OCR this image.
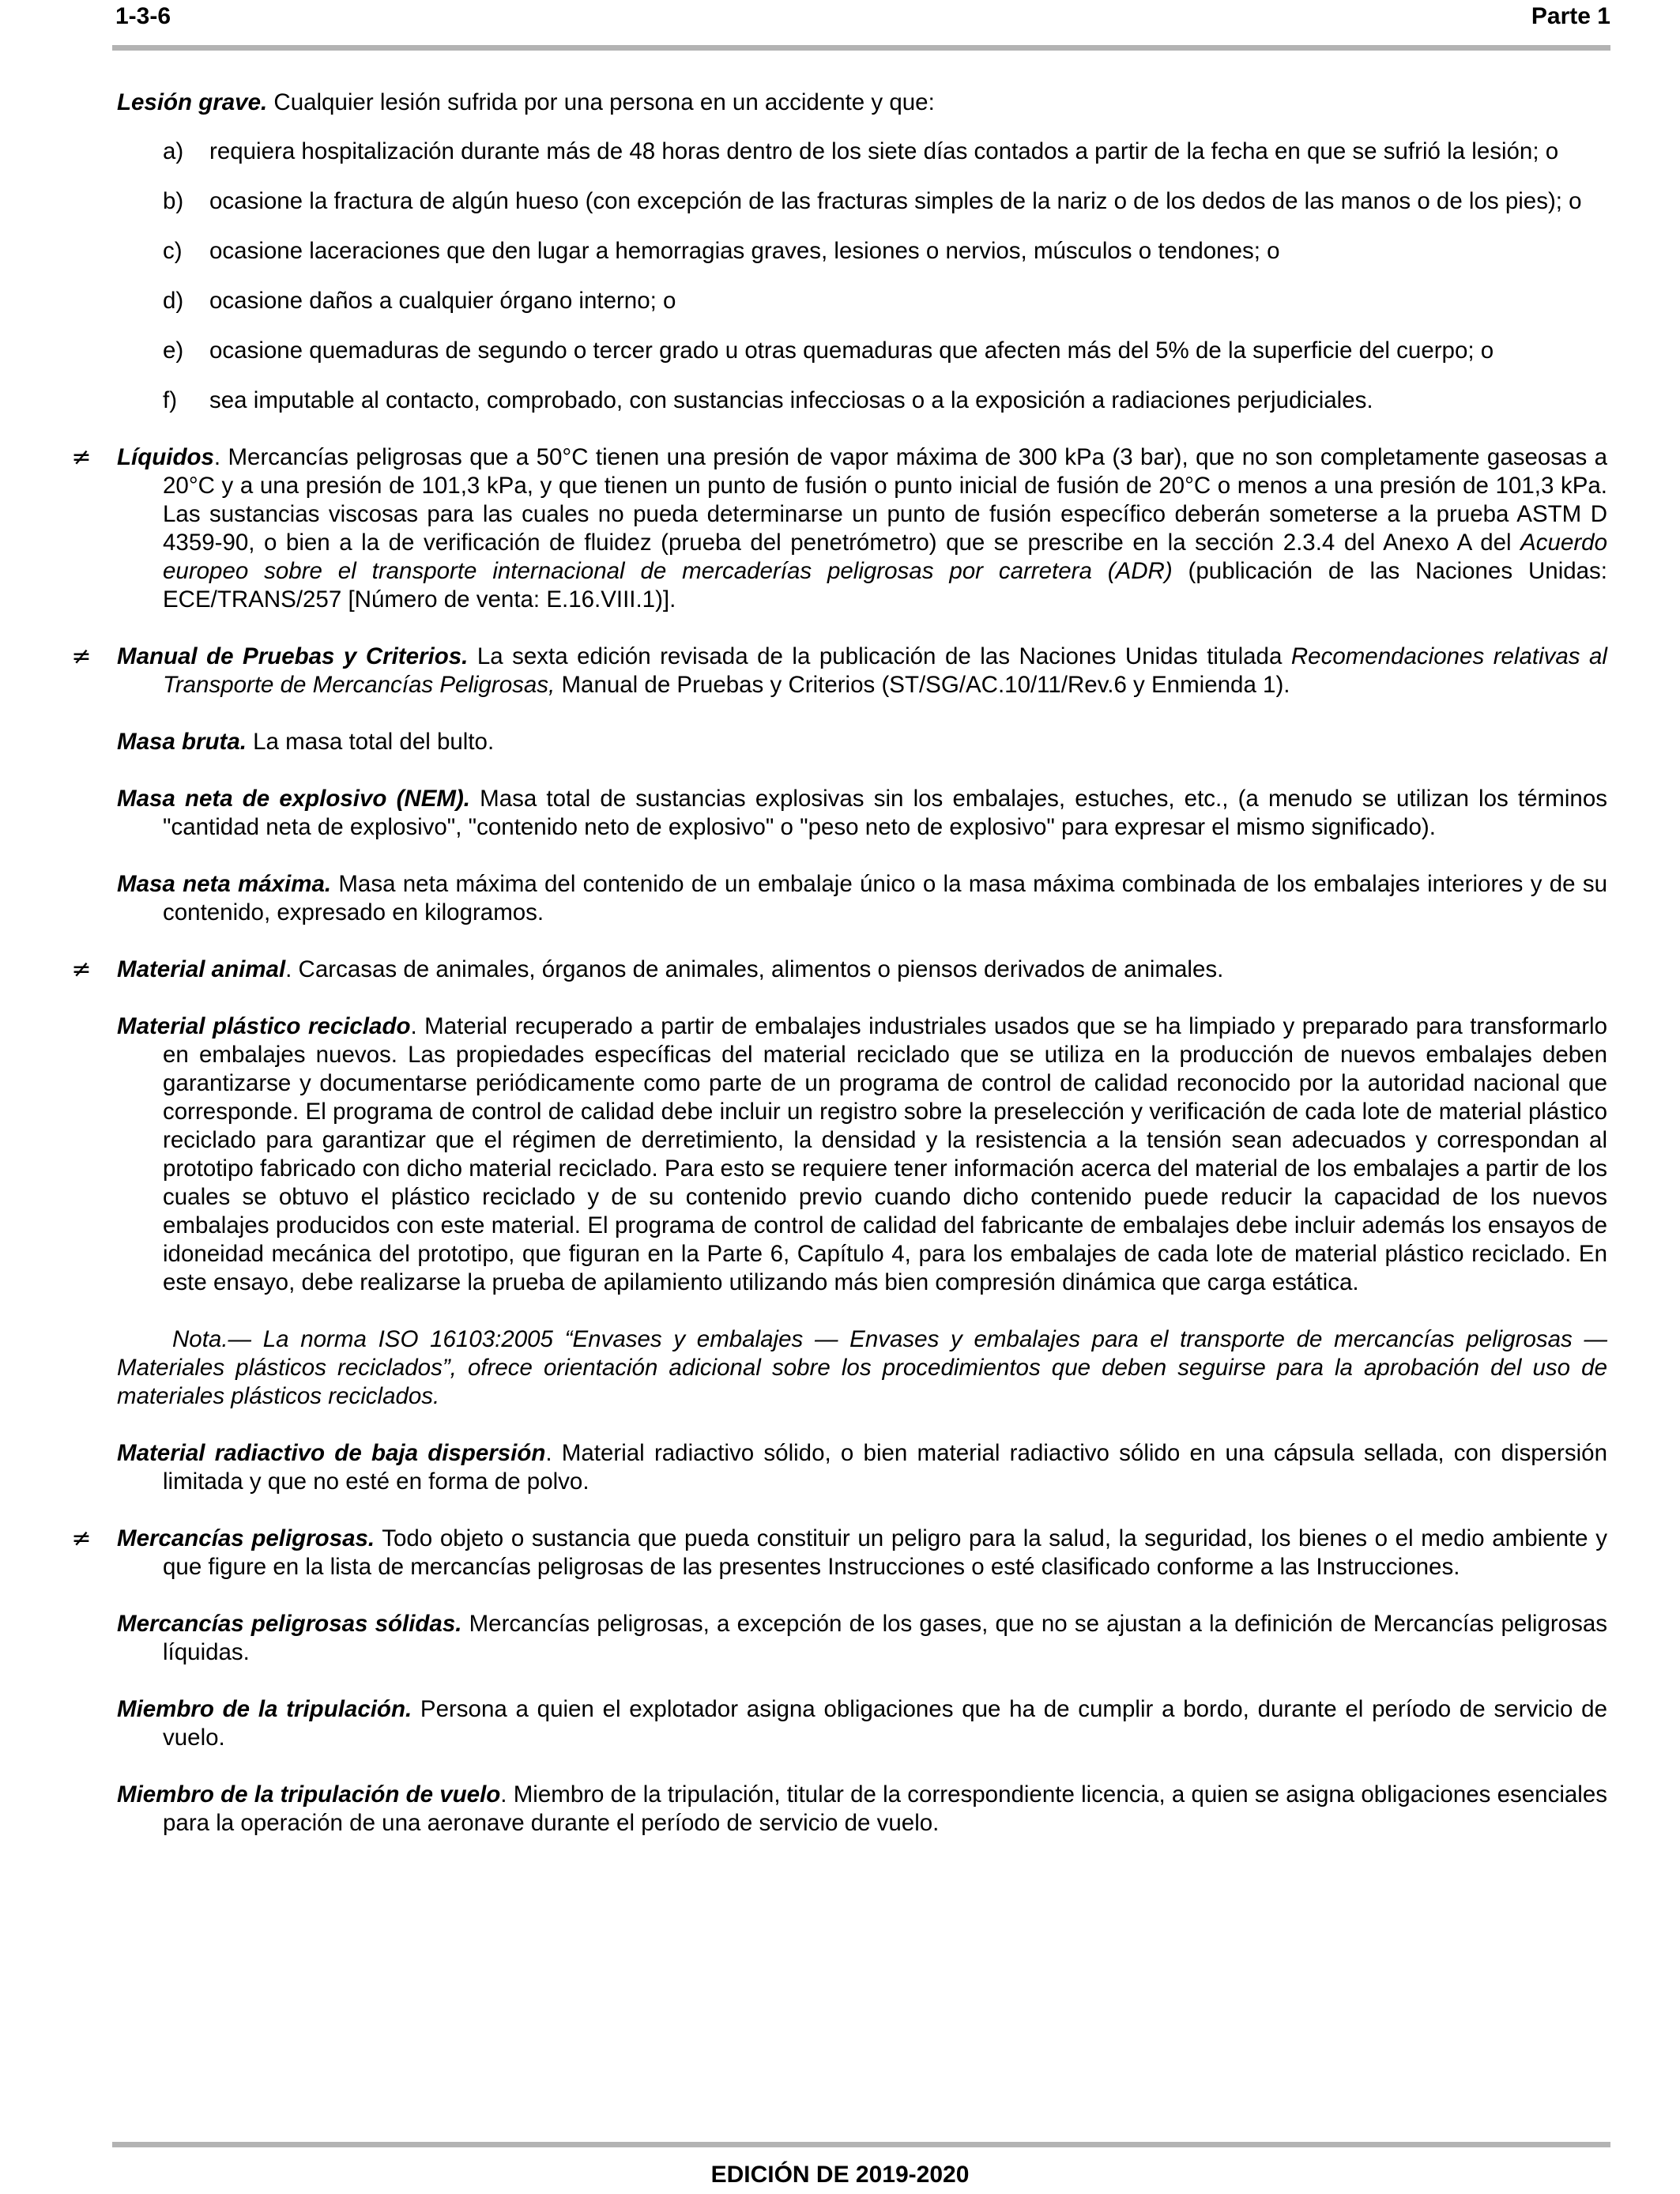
1-3-6	Parte 1

Lesión grave. Cualquier lesión sufrida por una persona en un accidente y que:

a) requiera hospitalización durante más de 48 horas dentro de los siete días contados a partir de la fecha en que se sufrió la lesión; o
b) ocasione la fractura de algún hueso (con excepción de las fracturas simples de la nariz o de los dedos de las manos o de los pies); o
c) ocasione laceraciones que den lugar a hemorragias graves, lesiones o nervios, músculos o tendones; o
d) ocasione daños a cualquier órgano interno; o
e) ocasione quemaduras de segundo o tercer grado u otras quemaduras que afecten más del 5% de la superficie del cuerpo; o
f) sea imputable al contacto, comprobado, con sustancias infecciosas o a la exposición a radiaciones perjudiciales.
≠ Líquidos. Mercancías peligrosas que a 50°C tienen una presión de vapor máxima de 300 kPa (3 bar), que no son completamente gaseosas a 20°C y a una presión de 101,3 kPa, y que tienen un punto de fusión o punto inicial de fusión de 20°C o menos a una presión de 101,3 kPa. Las sustancias viscosas para las cuales no pueda determinarse un punto de fusión específico deberán someterse a la prueba ASTM D 4359-90, o bien a la de verificación de fluidez (prueba del penetrómetro) que se prescribe en la sección 2.3.4 del Anexo A del Acuerdo europeo sobre el transporte internacional de mercaderías peligrosas por carretera (ADR) (publicación de las Naciones Unidas: ECE/TRANS/257 [Número de venta: E.16.VIII.1)].

≠ Manual de Pruebas y Criterios. La sexta edición revisada de la publicación de las Naciones Unidas titulada Recomendaciones relativas al Transporte de Mercancías Peligrosas, Manual de Pruebas y Criterios (ST/SG/AC.10/11/Rev.6 y Enmienda 1).

Masa bruta. La masa total del bulto.

Masa neta de explosivo (NEM). Masa total de sustancias explosivas sin los embalajes, estuches, etc., (a menudo se utilizan los términos "cantidad neta de explosivo", "contenido neto de explosivo" o "peso neto de explosivo" para expresar el mismo significado).

Masa neta máxima. Masa neta máxima del contenido de un embalaje único o la masa máxima combinada de los embalajes interiores y de su contenido, expresado en kilogramos.

≠ Material animal. Carcasas de animales, órganos de animales, alimentos o piensos derivados de animales.

Material plástico reciclado. Material recuperado a partir de embalajes industriales usados que se ha limpiado y preparado para transformarlo en embalajes nuevos. Las propiedades específicas del material reciclado que se utiliza en la producción de nuevos embalajes deben garantizarse y documentarse periódicamente como parte de un programa de control de calidad reconocido por la autoridad nacional que corresponde. El programa de control de calidad debe incluir un registro sobre la preselección y verificación de cada lote de material plástico reciclado para garantizar que el régimen de derretimiento, la densidad y la resistencia a la tensión sean adecuados y correspondan al prototipo fabricado con dicho material reciclado. Para esto se requiere tener información acerca del material de los embalajes a partir de los cuales se obtuvo el plástico reciclado y de su contenido previo cuando dicho contenido puede reducir la capacidad de los nuevos embalajes producidos con este material. El programa de control de calidad del fabricante de embalajes debe incluir además los ensayos de idoneidad mecánica del prototipo, que figuran en la Parte 6, Capítulo 4, para los embalajes de cada lote de material plástico reciclado. En este ensayo, debe realizarse la prueba de apilamiento utilizando más bien compresión dinámica que carga estática.

Nota.— La norma ISO 16103:2005 “Envases y embalajes — Envases y embalajes para el transporte de mercancías peligrosas — Materiales plásticos reciclados”, ofrece orientación adicional sobre los procedimientos que deben seguirse para la aprobación del uso de materiales plásticos reciclados.

Material radiactivo de baja dispersión. Material radiactivo sólido, o bien material radiactivo sólido en una cápsula sellada, con dispersión limitada y que no esté en forma de polvo.

≠ Mercancías peligrosas. Todo objeto o sustancia que pueda constituir un peligro para la salud, la seguridad, los bienes o el medio ambiente y que figure en la lista de mercancías peligrosas de las presentes Instrucciones o esté clasificado conforme a las Instrucciones.

Mercancías peligrosas sólidas. Mercancías peligrosas, a excepción de los gases, que no se ajustan a la definición de Mercancías peligrosas líquidas.

Miembro de la tripulación. Persona a quien el explotador asigna obligaciones que ha de cumplir a bordo, durante el período de servicio de vuelo.

Miembro de la tripulación de vuelo. Miembro de la tripulación, titular de la correspondiente licencia, a quien se asigna obligaciones esenciales para la operación de una aeronave durante el período de servicio de vuelo.

EDICIÓN DE 2019-2020
